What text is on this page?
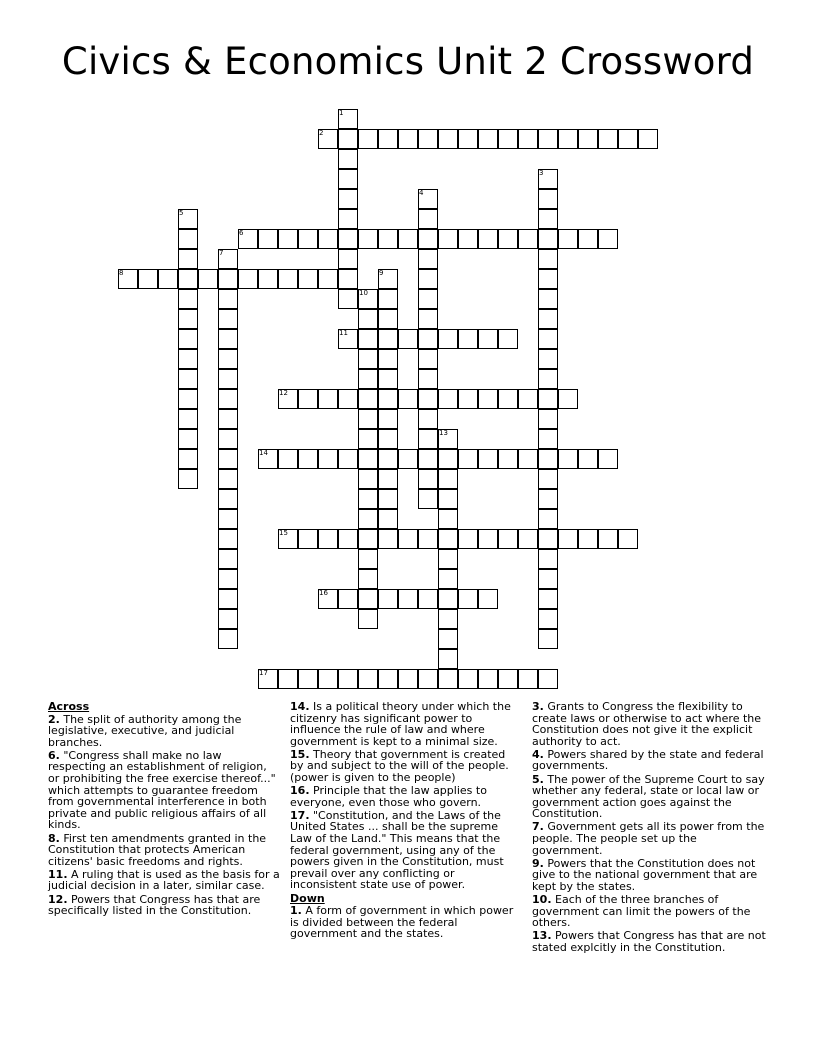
Civics & Economics Unit 2 Crossword
2
6
8
11
12
14
15
16
17
1
3
4
5
7
9
10
13
Across
2. The split of authority among the legislative, executive, and judicial branches.
6. "Congress shall make no law respecting an establishment of religion, or prohibiting the free exercise thereof..." which attempts to guarantee freedom from governmental interference in both private and public religious affairs of all kinds.
8. First ten amendments granted in the Constitution that protects American citizens' basic freedoms and rights.
11. A ruling that is used as the basis for a judicial decision in a later, similar case.
12. Powers that Congress has that are specifically listed in the Constitution.
14. Is a political theory under which the citizenry has significant power to influence the rule of law and where government is kept to a minimal size.
15. Theory that government is created by and subject to the will of the people.(power is given to the people)
16. Principle that the law applies to everyone, even those who govern.
17. "Constitution, and the Laws of the United States ... shall be the supreme Law of the Land." This means that the federal government, using any of the powers given in the Constitution, must prevail over any conflicting or inconsistent state use of power.
Down
1. A form of government in which power is divided between the federal government and the states.
3. Grants to Congress the flexibility to create laws or otherwise to act where the Constitution does not give it the explicit authority to act.
4. Powers shared by the state and federal governments.
5. The power of the Supreme Court to say whether any federal, state or local law or government action goes against the Constitution.
7. Government gets all its power from the people. The people set up the government.
9. Powers that the Constitution does not give to the national government that are kept by the states.
10. Each of the three branches of government can limit the powers of the others.
13. Powers that Congress has that are not stated explcitly in the Constitution.
